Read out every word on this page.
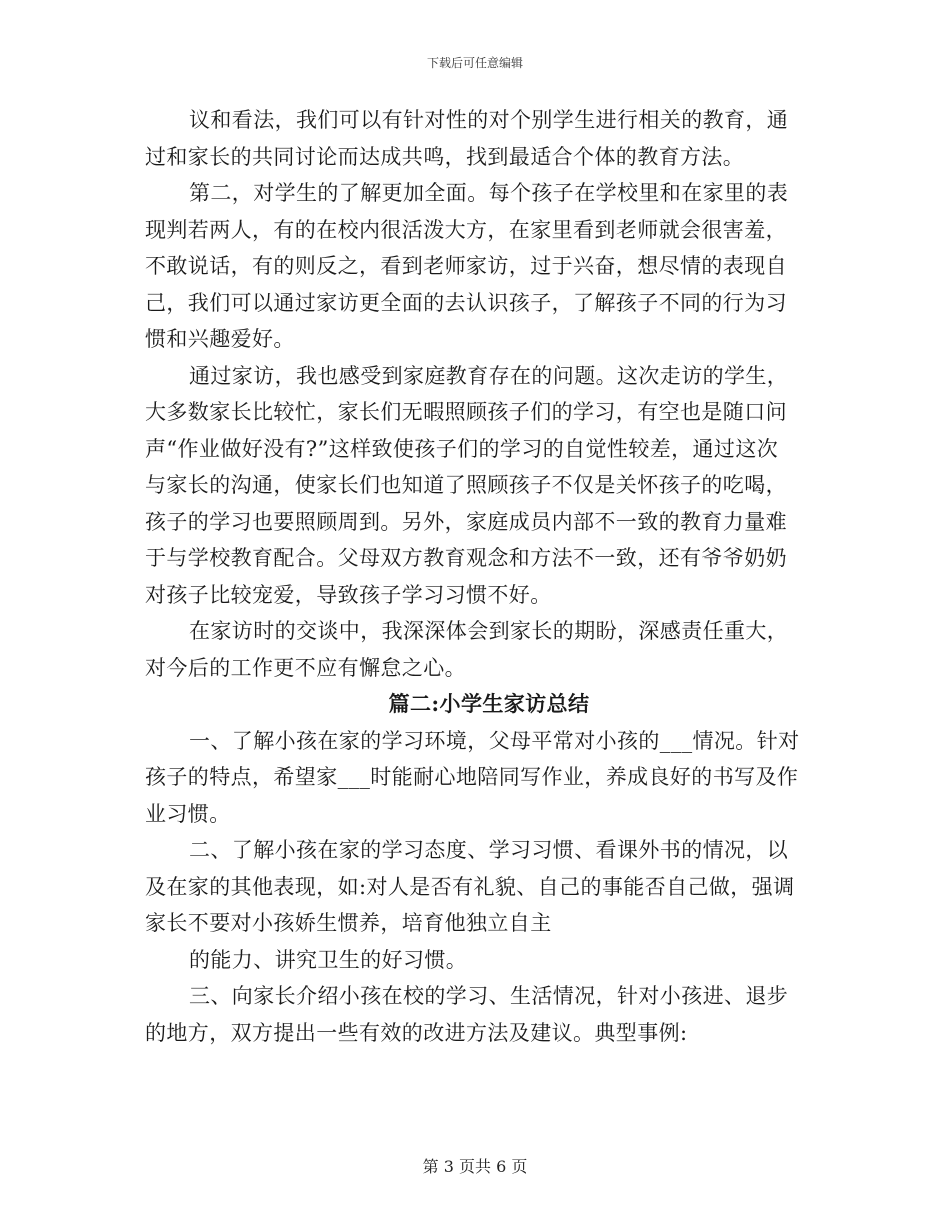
下载后可任意编辑
议和看法，我们可以有针对性的对个别学生进行相关的教育，通
过和家长的共同讨论而达成共鸣，找到最适合个体的教育方法。
第二，对学生的了解更加全面。每个孩子在学校里和在家里的表
现判若两人，有的在校内很活泼大方，在家里看到老师就会很害羞，
不敢说话，有的则反之，看到老师家访，过于兴奋，想尽情的表现自
己，我们可以通过家访更全面的去认识孩子，了解孩子不同的行为习
惯和兴趣爱好。
通过家访，我也感受到家庭教育存在的问题。这次走访的学生，
大多数家长比较忙，家长们无暇照顾孩子们的学习，有空也是随口问
声“作业做好没有?”这样致使孩子们的学习的自觉性较差，通过这次
与家长的沟通，使家长们也知道了照顾孩子不仅是关怀孩子的吃喝，
孩子的学习也要照顾周到。另外，家庭成员内部不一致的教育力量难
于与学校教育配合。父母双方教育观念和方法不一致，还有爷爷奶奶
对孩子比较宠爱，导致孩子学习习惯不好。
在家访时的交谈中，我深深体会到家长的期盼，深感责任重大，
对今后的工作更不应有懈怠之心。
篇二:小学生家访总结
一、了解小孩在家的学习环境，父母平常对小孩的___情况。针对
孩子的特点，希望家___时能耐心地陪同写作业，养成良好的书写及作
业习惯。
二、了解小孩在家的学习态度、学习习惯、看课外书的情况，以
及在家的其他表现，如:对人是否有礼貌、自己的事能否自己做，强调
家长不要对小孩娇生惯养，培育他独立自主
的能力、讲究卫生的好习惯。
三、向家长介绍小孩在校的学习、生活情况，针对小孩进、退步
的地方，双方提出一些有效的改进方法及建议。典型事例:
第 3 页共 6 页
